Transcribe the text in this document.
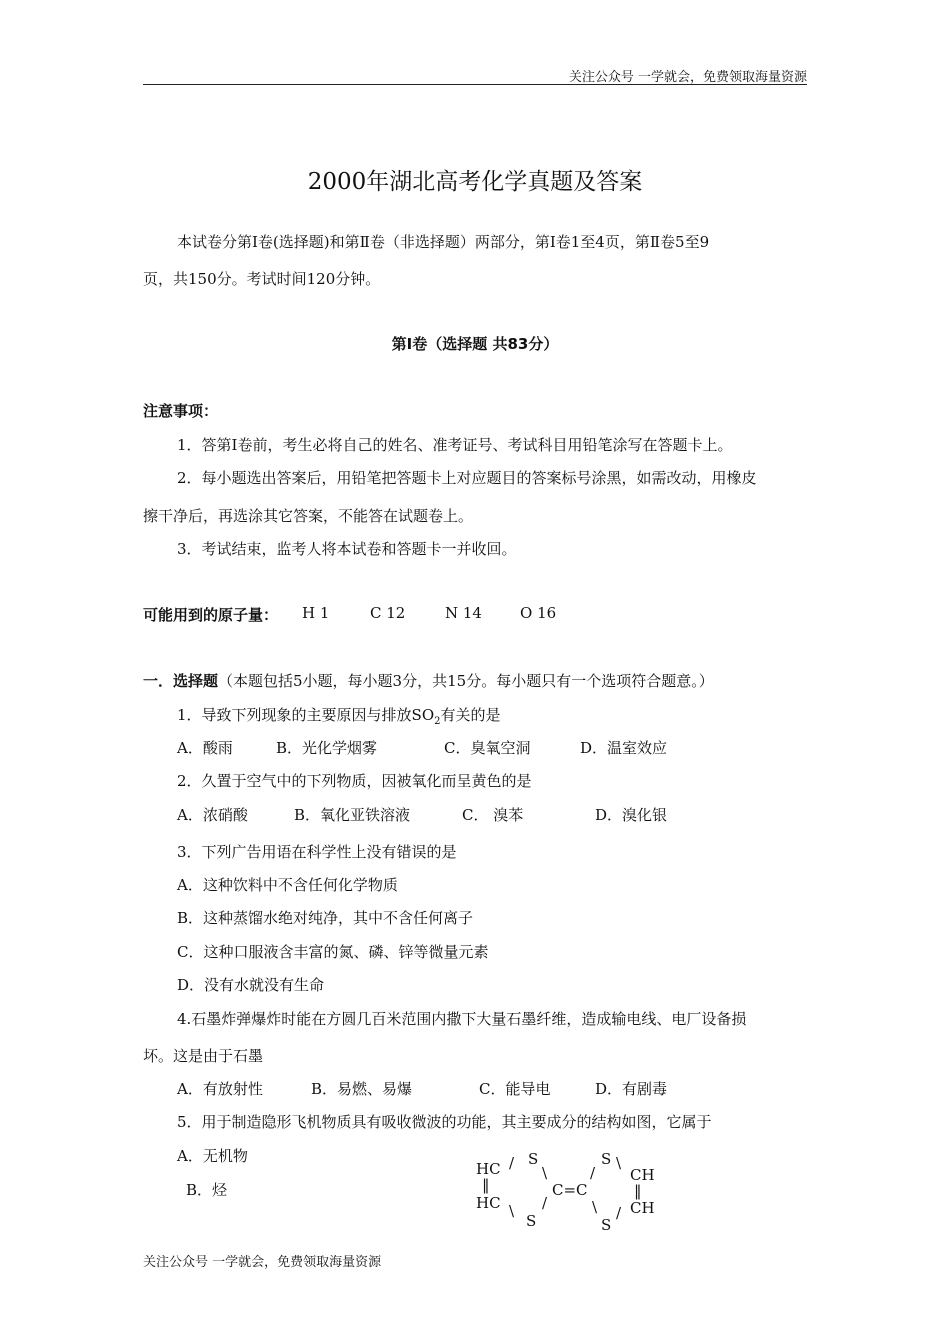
关注公众号 一学就会，免费领取海量资源
2000年湖北高考化学真题及答案
本试卷分第Ⅰ卷(选择题)和第Ⅱ卷（非选择题）两部分，第Ⅰ卷1至4页，第Ⅱ卷5至9
页，共150分。考试时间120分钟。
第Ⅰ卷（选择题 共83分）
注意事项：
1．答第Ⅰ卷前，考生必将自己的姓名、准考证号、考试科目用铅笔涂写在答题卡上。
2．每小题选出答案后，用铅笔把答题卡上对应题目的答案标号涂黑，如需改动，用橡皮
擦干净后，再选涂其它答案，不能答在试题卷上。
3．考试结束，监考人将本试卷和答题卡一并收回。
可能用到的原子量： H 1	C 12	N 14	O 16
一．选择题（本题包括5小题，每小题3分，共15分。每小题只有一个选项符合题意。）
1．导致下列现象的主要原因与排放$SO_2$有关的是
A．酸雨	B．光化学烟雾	C．臭氧空洞	D．温室效应
2．久置于空气中的下列物质，因被氧化而呈黄色的是
A．浓硝酸	B．氧化亚铁溶液	C． 溴苯	D．溴化银
3．下列广告用语在科学性上没有错误的是
A．这种饮料中不含任何化学物质
B．这种蒸馏水绝对纯净，其中不含任何离子
C．这种口服液含丰富的氮、磷、锌等微量元素
D．没有水就没有生命
4.石墨炸弹爆炸时能在方圆几百米范围内撒下大量石墨纤维，造成输电线、电厂设备损
坏。这是由于石墨
A．有放射性	B．易燃、易爆	C．能导电	D．有剧毒
5．用于制造隐形飞机物质具有吸收微波的功能，其主要成分的结构如图，它属于
A．无机物
B．烃
HC
‖
HC
/ S
\
\
S
/
C=C
/
S \
\
S
/
CH
‖
CH
关注公众号 一学就会，免费领取海量资源
